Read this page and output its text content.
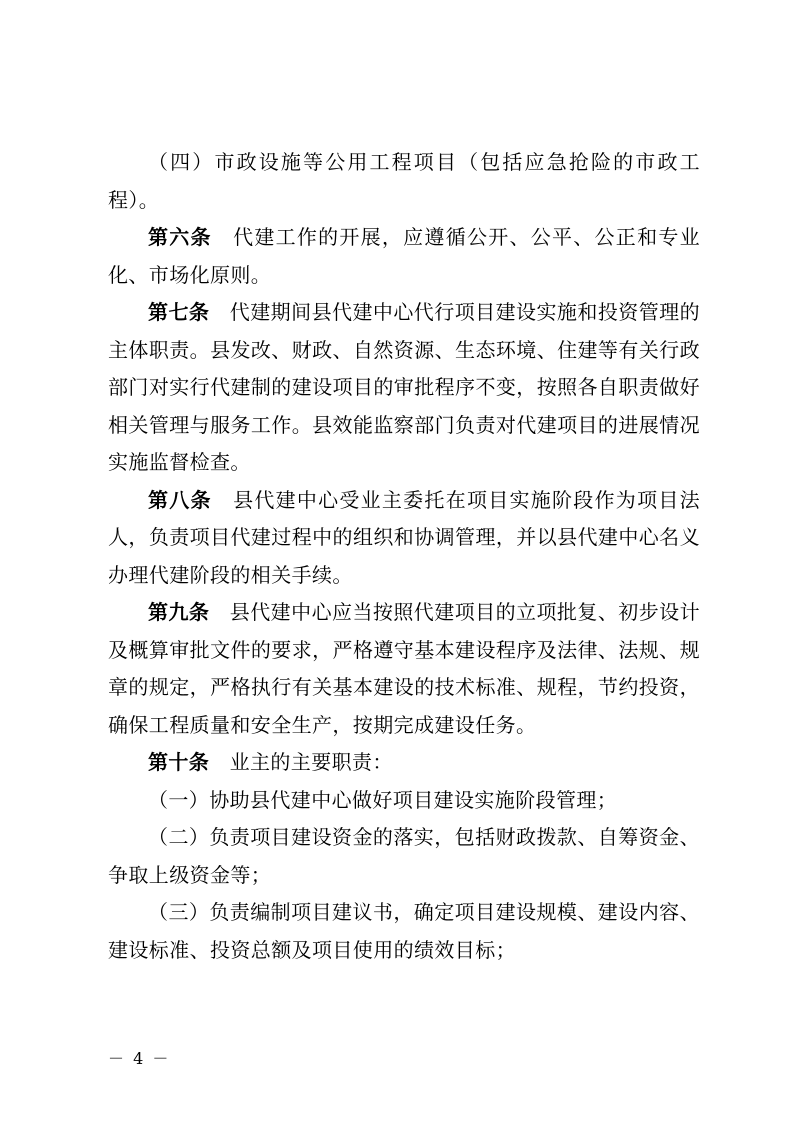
（四）市政设施等公用工程项目（包括应急抢险的市政工程）。

第六条  代建工作的开展，应遵循公开、公平、公正和专业化、市场化原则。

第七条  代建期间县代建中心代行项目建设实施和投资管理的主体职责。县发改、财政、自然资源、生态环境、住建等有关行政部门对实行代建制的建设项目的审批程序不变，按照各自职责做好相关管理与服务工作。县效能监察部门负责对代建项目的进展情况实施监督检查。

第八条  县代建中心受业主委托在项目实施阶段作为项目法人，负责项目代建过程中的组织和协调管理，并以县代建中心名义办理代建阶段的相关手续。

第九条  县代建中心应当按照代建项目的立项批复、初步设计及概算审批文件的要求，严格遵守基本建设程序及法律、法规、规章的规定，严格执行有关基本建设的技术标准、规程，节约投资，确保工程质量和安全生产，按期完成建设任务。

第十条  业主的主要职责：

（一）协助县代建中心做好项目建设实施阶段管理；

（二）负责项目建设资金的落实，包括财政拨款、自筹资金、争取上级资金等；

（三）负责编制项目建议书，确定项目建设规模、建设内容、建设标准、投资总额及项目使用的绩效目标；

－ 4 －
